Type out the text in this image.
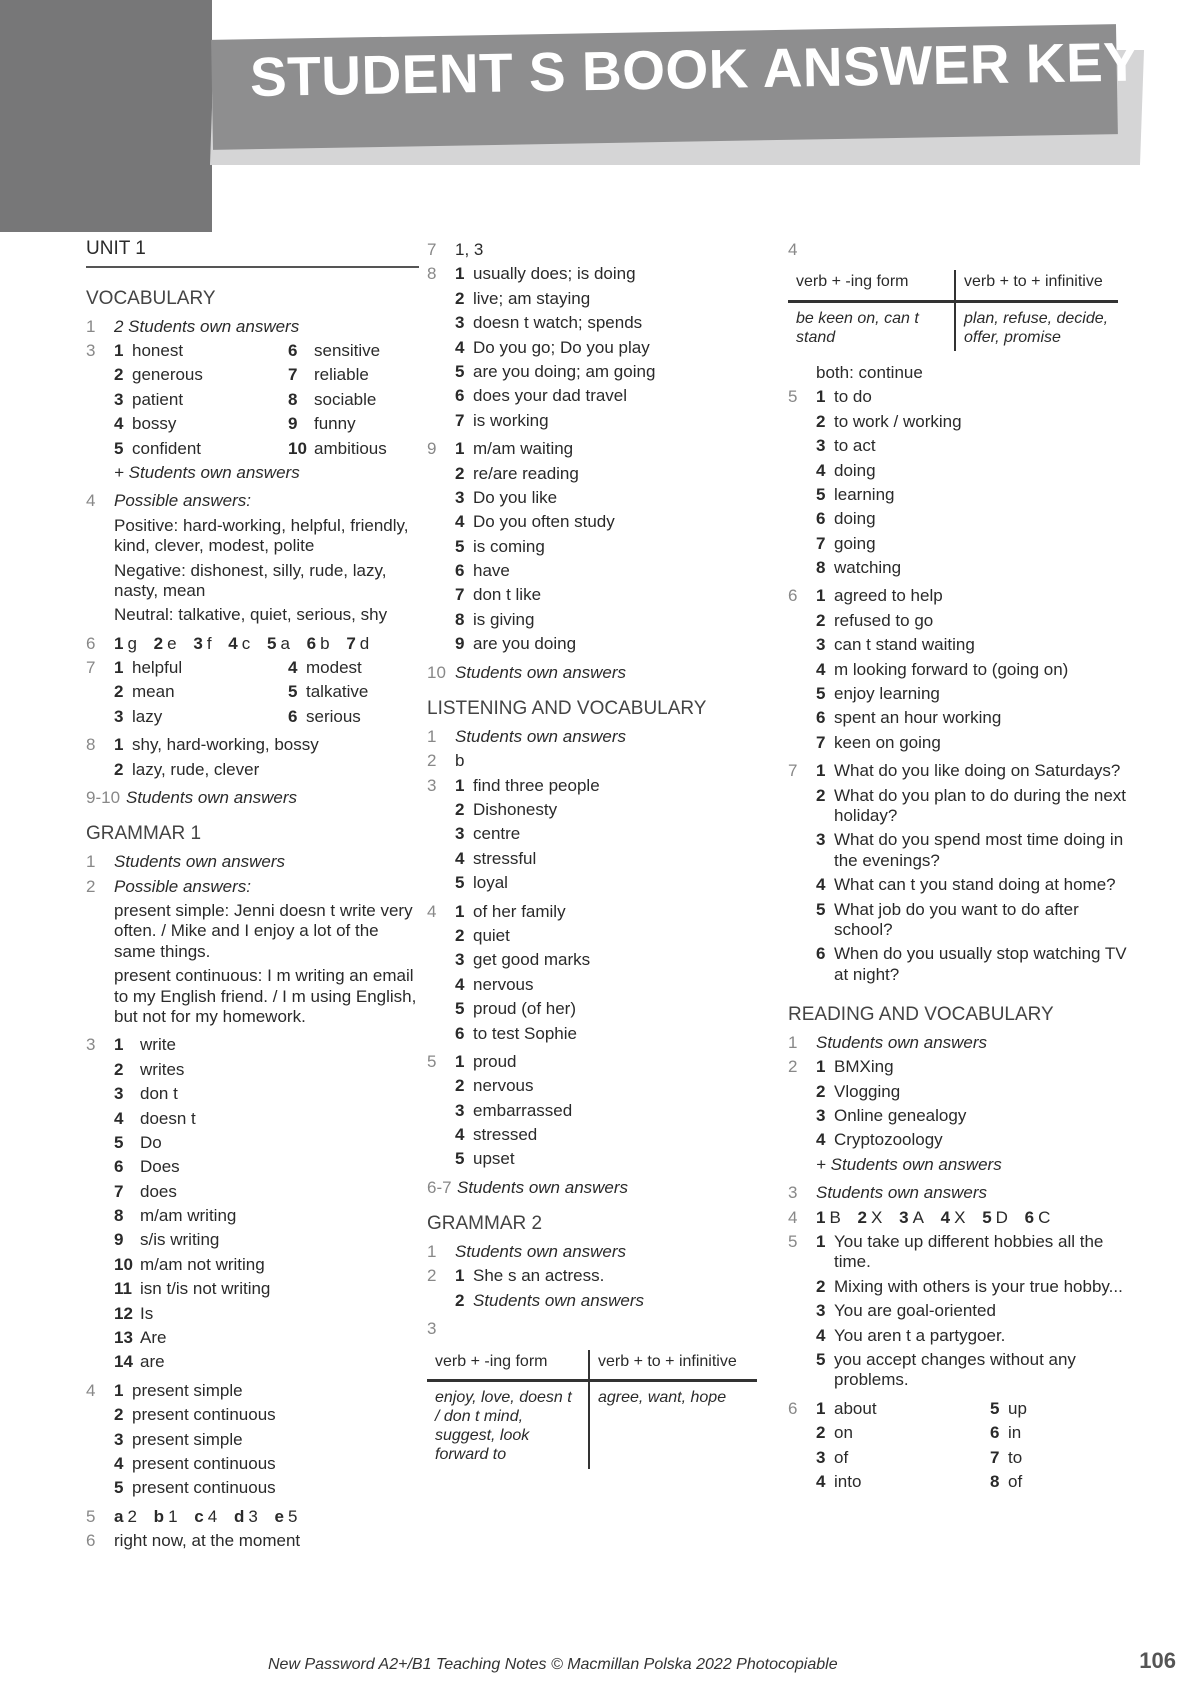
STUDENT S BOOK ANSWER KEY
UNIT 1
VOCABULARY
1	2 Students own answers
3	1 honest	6 sensitive
2 generous	7 reliable
3 patient	8 sociable
4 bossy	9 funny
5 confident	10 ambitious
+ Students own answers
4	Possible answers:
Positive: hard-working, helpful, friendly, kind, clever, modest, polite
Negative: dishonest, silly, rude, lazy, nasty, mean
Neutral: talkative, quiet, serious, shy
6	1 g 2 e 3 f 4 c 5 a 6 b 7 d
7	1 helpful	4 modest
2 mean	5 talkative
3 lazy	6 serious
8	1 shy, hard-working, bossy
2 lazy, rude, clever
9-10 Students own answers
GRAMMAR 1
1	Students own answers
2	Possible answers:
present simple: Jenni doesn t write very often. / Mike and I enjoy a lot of the same things.
present continuous: I m writing an email to my English friend. / I m using English, but not for my homework.
3	1 write
2 writes
3 don t
4 doesn t
5 Do
6 Does
7 does
8 m/am writing
9 s/is writing
10 m/am not writing
11 isn t/is not writing
12 Is
13 Are
14 are
4	1 present simple
2 present continuous
3 present simple
4 present continuous
5 present continuous
5	a 2 b 1 c 4 d 3 e 5
6	right now, at the moment
7	1, 3
8	1 usually does; is doing
2 live; am staying
3 doesn t watch; spends
4 Do you go; Do you play
5 are you doing; am going
6 does your dad travel
7 is working
9	1 m/am waiting
2 re/are reading
3 Do you like
4 Do you often study
5 is coming
6 have
7 don t like
8 is giving
9 are you doing
10 Students own answers
LISTENING AND VOCABULARY
1	Students own answers
2	b
3	1 find three people
2 Dishonesty
3 centre
4 stressful
5 loyal
4	1 of her family
2 quiet
3 get good marks
4 nervous
5 proud (of her)
6 to test Sophie
5	1 proud
2 nervous
3 embarrassed
4 stressed
5 upset
6-7 Students own answers
GRAMMAR 2
1	Students own answers
2	1 She s an actress.
2 Students own answers
3
verb + -ing form	verb + to + infinitive
enjoy, love, doesn t / don t mind, suggest, look forward to	agree, want, hope
4
verb + -ing form	verb + to + infinitive
be keen on, can t stand	plan, refuse, decide, offer, promise
both: continue
5	1 to do
2 to work / working
3 to act
4 doing
5 learning
6 doing
7 going
8 watching
6	1 agreed to help
2 refused to go
3 can t stand waiting
4 m looking forward to (going on)
5 enjoy learning
6 spent an hour working
7 keen on going
7	1 What do you like doing on Saturdays?
2 What do you plan to do during the next holiday?
3 What do you spend most time doing in the evenings?
4 What can t you stand doing at home?
5 What job do you want to do after school?
6 When do you usually stop watching TV at night?
READING AND VOCABULARY
1	Students own answers
2	1 BMXing
2 Vlogging
3 Online genealogy
4 Cryptozoology
+ Students own answers
3	Students own answers
4	1 B 2 X 3 A 4 X 5 D 6 C
5	1 You take up different hobbies all the time.
2 Mixing with others is your true hobby...
3 You are goal-oriented
4 You aren t a partygoer.
5 you accept changes without any problems.
6	1 about	5 up
2 on	6 in
3 of	7 to
4 into	8 of
New Password A2+/B1 Teaching Notes © Macmillan Polska 2022 Photocopiable	106
